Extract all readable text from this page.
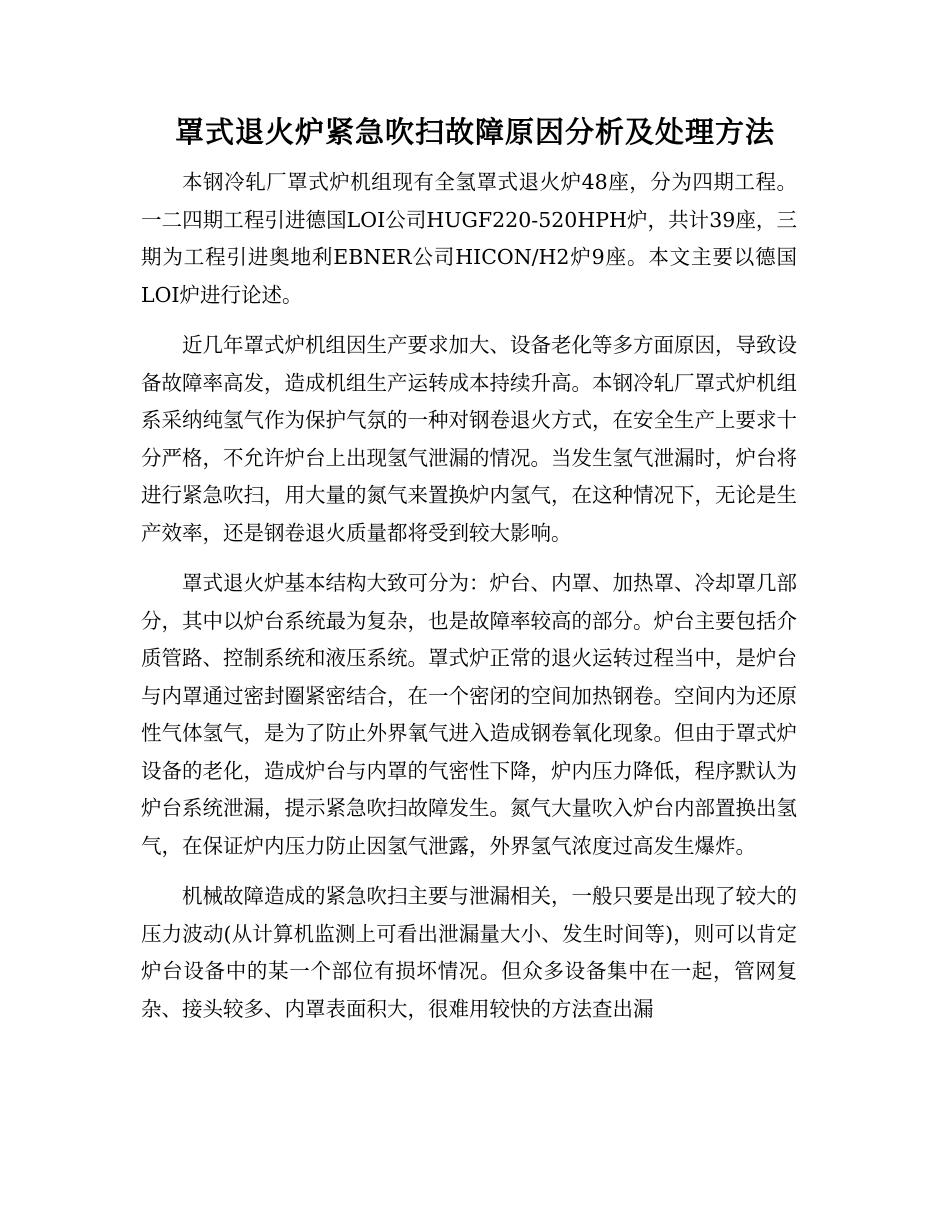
罩式退火炉紧急吹扫故障原因分析及处理方法

本钢冷轧厂罩式炉机组现有全氢罩式退火炉48座，分为四期工程。一二四期工程引进德国LOI公司HUGF220-520HPH炉，共计39座，三期为工程引进奥地利EBNER公司HICON/H2炉9座。本文主要以德国LOI炉进行论述。

近几年罩式炉机组因生产要求加大、设备老化等多方面原因，导致设备故障率高发，造成机组生产运转成本持续升高。本钢冷轧厂罩式炉机组系采纳纯氢气作为保护气氛的一种对钢卷退火方式，在安全生产上要求十分严格，不允许炉台上出现氢气泄漏的情况。当发生氢气泄漏时，炉台将进行紧急吹扫，用大量的氮气来置换炉内氢气，在这种情况下，无论是生产效率，还是钢卷退火质量都将受到较大影响。

罩式退火炉基本结构大致可分为：炉台、内罩、加热罩、冷却罩几部分，其中以炉台系统最为复杂，也是故障率较高的部分。炉台主要包括介质管路、控制系统和液压系统。罩式炉正常的退火运转过程当中，是炉台与内罩通过密封圈紧密结合，在一个密闭的空间加热钢卷。空间内为还原性气体氢气，是为了防止外界氧气进入造成钢卷氧化现象。但由于罩式炉设备的老化，造成炉台与内罩的气密性下降，炉内压力降低，程序默认为炉台系统泄漏，提示紧急吹扫故障发生。氮气大量吹入炉台内部置换出氢气，在保证炉内压力防止因氢气泄露，外界氢气浓度过高发生爆炸。

机械故障造成的紧急吹扫主要与泄漏相关，一般只要是出现了较大的压力波动(从计算机监测上可看出泄漏量大小、发生时间等)，则可以肯定炉台设备中的某一个部位有损坏情况。但众多设备集中在一起，管网复杂、接头较多、内罩表面积大，很难用较快的方法查出漏
